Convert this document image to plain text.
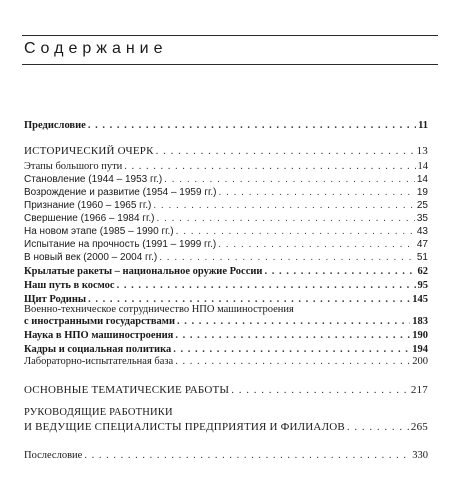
Содержание
Предисловие . . .	11
ИСТОРИЧЕСКИЙ ОЧЕРК . . .	13
Этапы большого пути . . .	14
Становление (1944 – 1953 гг.) . . .	14
Возрождение и развитие (1954 – 1959 гг.) . . .	19
Признание (1960 – 1965 гг.) . . .	25
Свершение (1966 – 1984 гг.) . . .	35
На новом этапе (1985 – 1990 гг.) . . .	43
Испытание на прочность (1991 – 1999 гг.) . . .	47
В новый век (2000 – 2004 гг.) . . .	51
Крылатые ракеты – национальное оружие России . . .	62
Наш путь в космос . . .	95
Щит Родины . . .	145
Военно-техническое сотрудничество НПО машиностроения
с иностранными государствами . . .	183
Наука в НПО машиностроения . . .	190
Кадры и социальная политика . . .	194
Лабораторно-испытательная база . . .	200
ОСНОВНЫЕ ТЕМАТИЧЕСКИЕ РАБОТЫ . . .	217
РУКОВОДЯЩИЕ РАБОТНИКИ
И ВЕДУЩИЕ СПЕЦИАЛИСТЫ ПРЕДПРИЯТИЯ И ФИЛИАЛОВ . . .	265
Послесловие . . .	330
